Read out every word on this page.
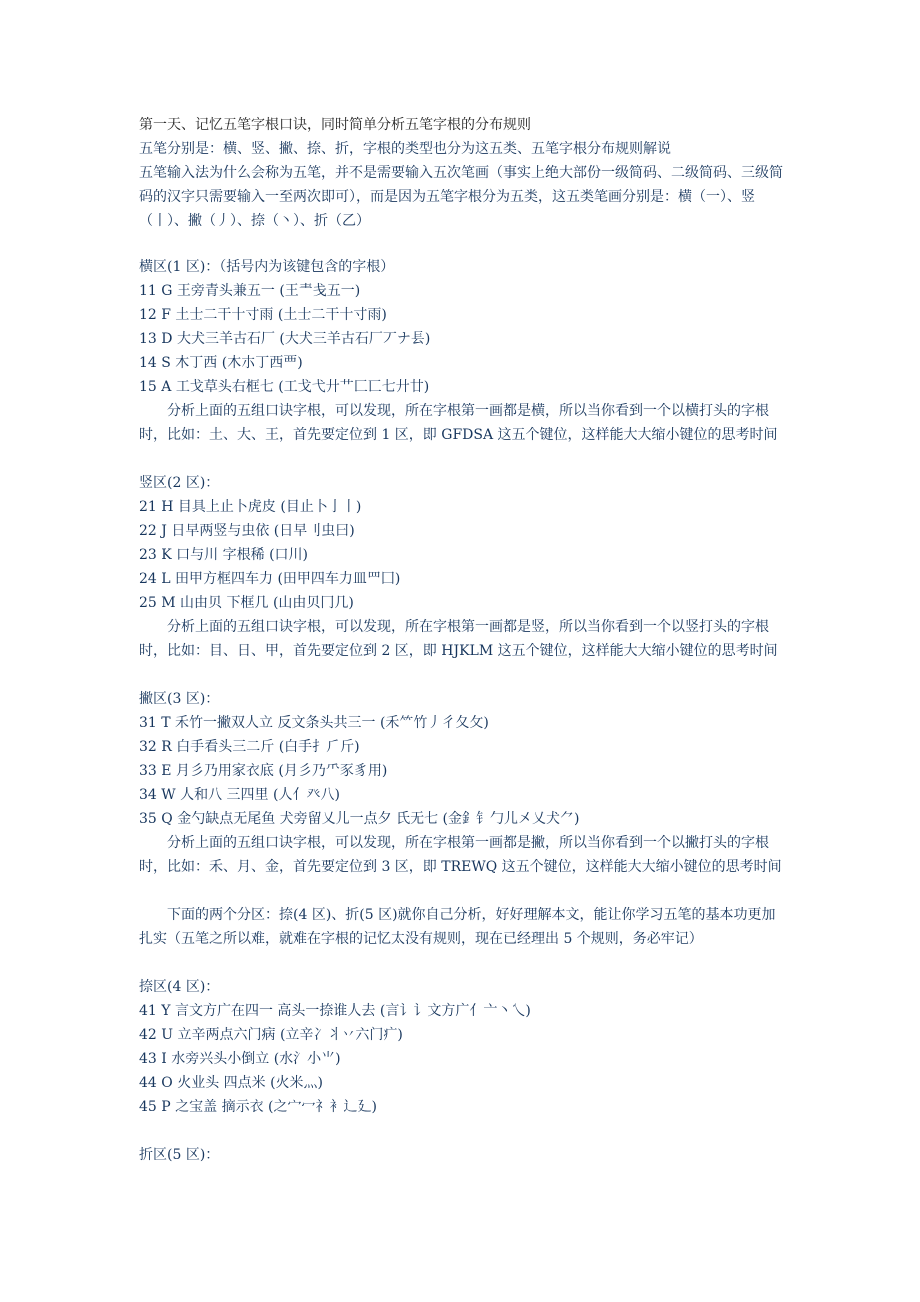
第一天、记忆五笔字根口诀，同时简单分析五笔字根的分布规则
五笔分别是：横、竖、撇、捺、折，字根的类型也分为这五类、五笔字根分布规则解说
五笔输入法为什么会称为五笔，并不是需要输入五次笔画（事实上绝大部份一级简码、二级简码、三级简码的汉字只需要输入一至两次即可），而是因为五笔字根分为五类，这五类笔画分别是：横（一）、竖（丨）、撇（丿）、捺（丶）、折（乙）
横区(1 区)：（括号内为该键包含的字根）
11 G 王旁青头兼五一 (王龶戋五一)
12 F 土士二干十寸雨 (土士二干十寸雨)
13 D 大犬三羊古石厂 (大犬三羊古石厂丆ナ镸)
14 S 木丁西 (木朩丁西覀)
15 A 工戈草头右框七 (工戈弋廾艹匚匸七廾廿)
分析上面的五组口诀字根，可以发现，所在字根第一画都是横，所以当你看到一个以横打头的字根时，比如：土、大、王，首先要定位到 1 区，即 GFDSA 这五个键位，这样能大大缩小键位的思考时间
竖区(2 区)：
21 H 目具上止卜虎皮 (目止卜亅丨)
22 J 日早两竖与虫依 (日早刂虫曰)
23 K 口与川 字根稀 (口川)
24 L 田甲方框四车力 (田甲四车力皿罒囗)
25 M 山由贝 下框几 (山由贝冂几)
分析上面的五组口诀字根，可以发现，所在字根第一画都是竖，所以当你看到一个以竖打头的字根时，比如：目、日、甲，首先要定位到 2 区，即 HJKLM 这五个键位，这样能大大缩小键位的思考时间
撇区(3 区)：
31 T 禾竹一撇双人立 反文条头共三一 (禾⺮竹丿彳夂攵)
32 R 白手看头三二斤 (白手扌⺁斤)
33 E 月彡乃用家衣底 (月彡乃⺥豕豸用)
34 W 人和八 三四里 (人亻癶八)
35 Q 金勺缺点无尾鱼 犬旁留乂儿一点夕 氏无七 (金釒钅勹儿㐅乂犬⺈)
分析上面的五组口诀字根，可以发现，所在字根第一画都是撇，所以当你看到一个以撇打头的字根时，比如：禾、月、金，首先要定位到 3 区，即 TREWQ 这五个键位，这样能大大缩小键位的思考时间
下面的两个分区：捺(4 区)、折(5 区)就你自己分析，好好理解本文，能让你学习五笔的基本功更加扎实（五笔之所以难，就难在字根的记忆太没有规则，现在已经理出 5 个规则，务必牢记）
捺区(4 区)：
41 Y 言文方广在四一 高头一捺谁人去 (言讠讠文方广亻亠丶乀)
42 U 立辛两点六门病 (立辛冫丬丷六门疒)
43 I 水旁兴头小倒立 (水氵小⺌)
44 O 火业头 四点米 (火米灬)
45 P 之宝盖 摘示衣 (之宀冖礻衤辶廴)
折区(5 区)：
